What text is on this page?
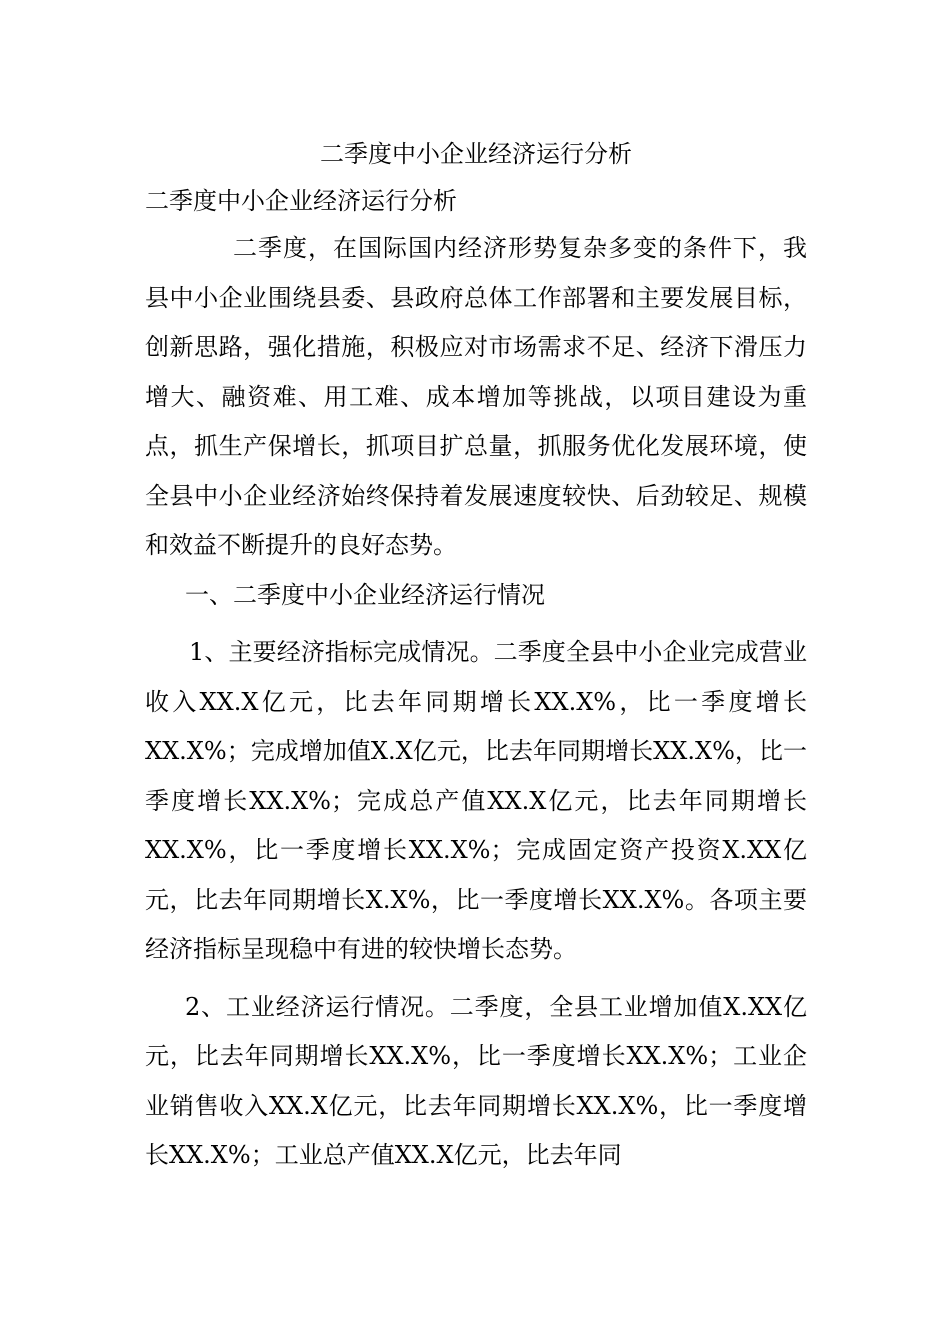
二季度中小企业经济运行分析
二季度中小企业经济运行分析

二季度，在国际国内经济形势复杂多变的条件下，我县中小企业围绕县委、县政府总体工作部署和主要发展目标，创新思路，强化措施，积极应对市场需求不足、经济下滑压力增大、融资难、用工难、成本增加等挑战，以项目建设为重点，抓生产保增长，抓项目扩总量，抓服务优化发展环境，使全县中小企业经济始终保持着发展速度较快、后劲较足、规模和效益不断提升的良好态势。

一、二季度中小企业经济运行情况

1、主要经济指标完成情况。二季度全县中小企业完成营业收入XX.X亿元，比去年同期增长XX.X%，比一季度增长XX.X%；完成增加值X.X亿元，比去年同期增长XX.X%，比一季度增长XX.X%；完成总产值XX.X亿元，比去年同期增长XX.X%，比一季度增长XX.X%；完成固定资产投资X.XX亿元，比去年同期增长X.X%，比一季度增长XX.X%。各项主要经济指标呈现稳中有进的较快增长态势。

2、工业经济运行情况。二季度，全县工业增加值X.XX亿元，比去年同期增长XX.X%，比一季度增长XX.X%；工业企业销售收入XX.X亿元，比去年同期增长XX.X%，比一季度增长XX.X%；工业总产值XX.X亿元，比去年同
